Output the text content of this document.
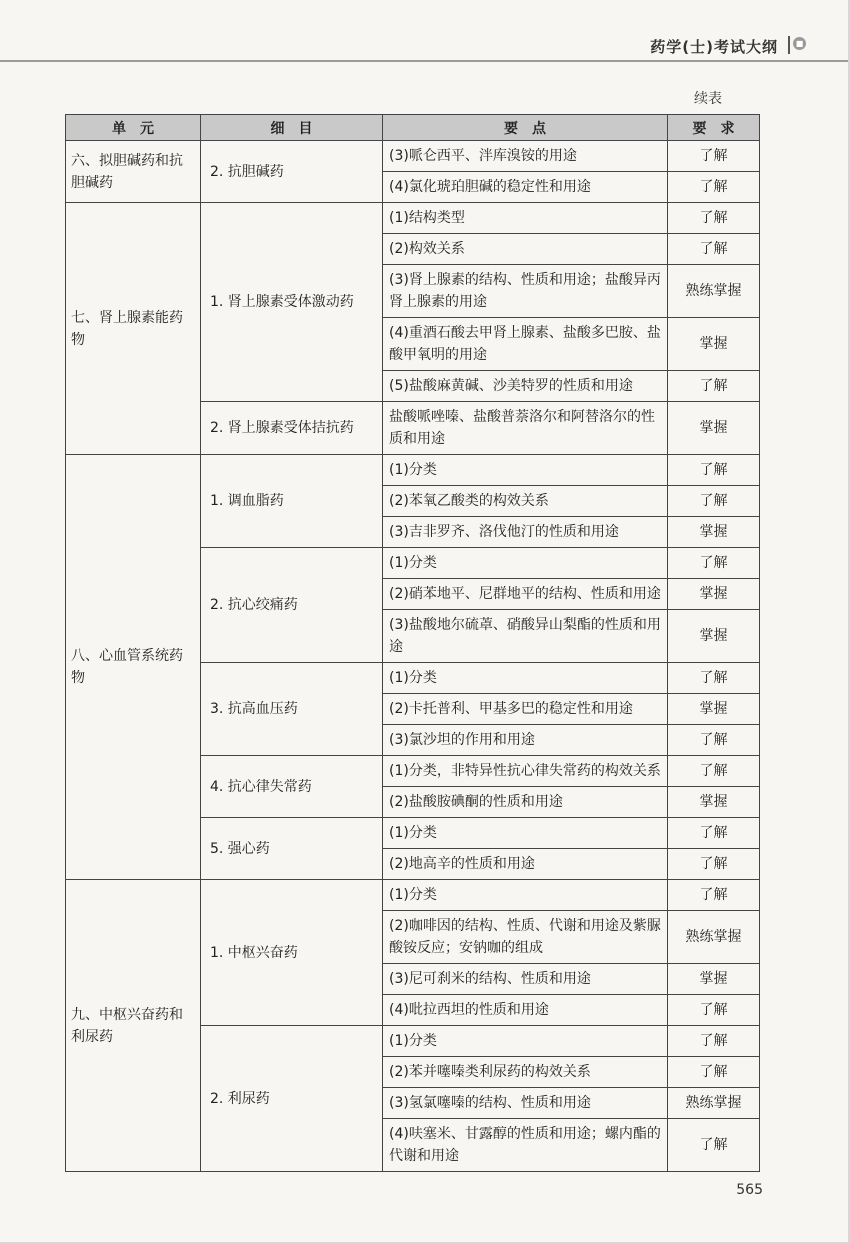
药学(士)考试大纲	■
续表
单　元	细　目	要　点	要　求
六、拟胆碱药和抗胆碱药	2. 抗胆碱药	(3)哌仑西平、泮库溴铵的用途	了解
		(4)氯化琥珀胆碱的稳定性和用途	了解
七、肾上腺素能药物	1. 肾上腺素受体激动药	(1)结构类型	了解
		(2)构效关系	了解
		(3)肾上腺素的结构、性质和用途；盐酸异丙肾上腺素的用途	熟练掌握
		(4)重酒石酸去甲肾上腺素、盐酸多巴胺、盐酸甲氧明的用途	掌握
		(5)盐酸麻黄碱、沙美特罗的性质和用途	了解
	2. 肾上腺素受体拮抗药	盐酸哌唑嗪、盐酸普萘洛尔和阿替洛尔的性质和用途	掌握
八、心血管系统药物	1. 调血脂药	(1)分类	了解
		(2)苯氧乙酸类的构效关系	了解
		(3)吉非罗齐、洛伐他汀的性质和用途	掌握
	2. 抗心绞痛药	(1)分类	了解
		(2)硝苯地平、尼群地平的结构、性质和用途	掌握
		(3)盐酸地尔硫䓬、硝酸异山梨酯的性质和用途	掌握
	3. 抗高血压药	(1)分类	了解
		(2)卡托普利、甲基多巴的稳定性和用途	掌握
		(3)氯沙坦的作用和用途	了解
	4. 抗心律失常药	(1)分类，非特异性抗心律失常药的构效关系	了解
		(2)盐酸胺碘酮的性质和用途	掌握
	5. 强心药	(1)分类	了解
		(2)地高辛的性质和用途	了解
九、中枢兴奋药和利尿药	1. 中枢兴奋药	(1)分类	了解
		(2)咖啡因的结构、性质、代谢和用途及紫脲酸铵反应；安钠咖的组成	熟练掌握
		(3)尼可刹米的结构、性质和用途	掌握
		(4)吡拉西坦的性质和用途	了解
	2. 利尿药	(1)分类	了解
		(2)苯并噻嗪类利尿药的构效关系	了解
		(3)氢氯噻嗪的结构、性质和用途	熟练掌握
		(4)呋塞米、甘露醇的性质和用途；螺内酯的代谢和用途	了解
565
